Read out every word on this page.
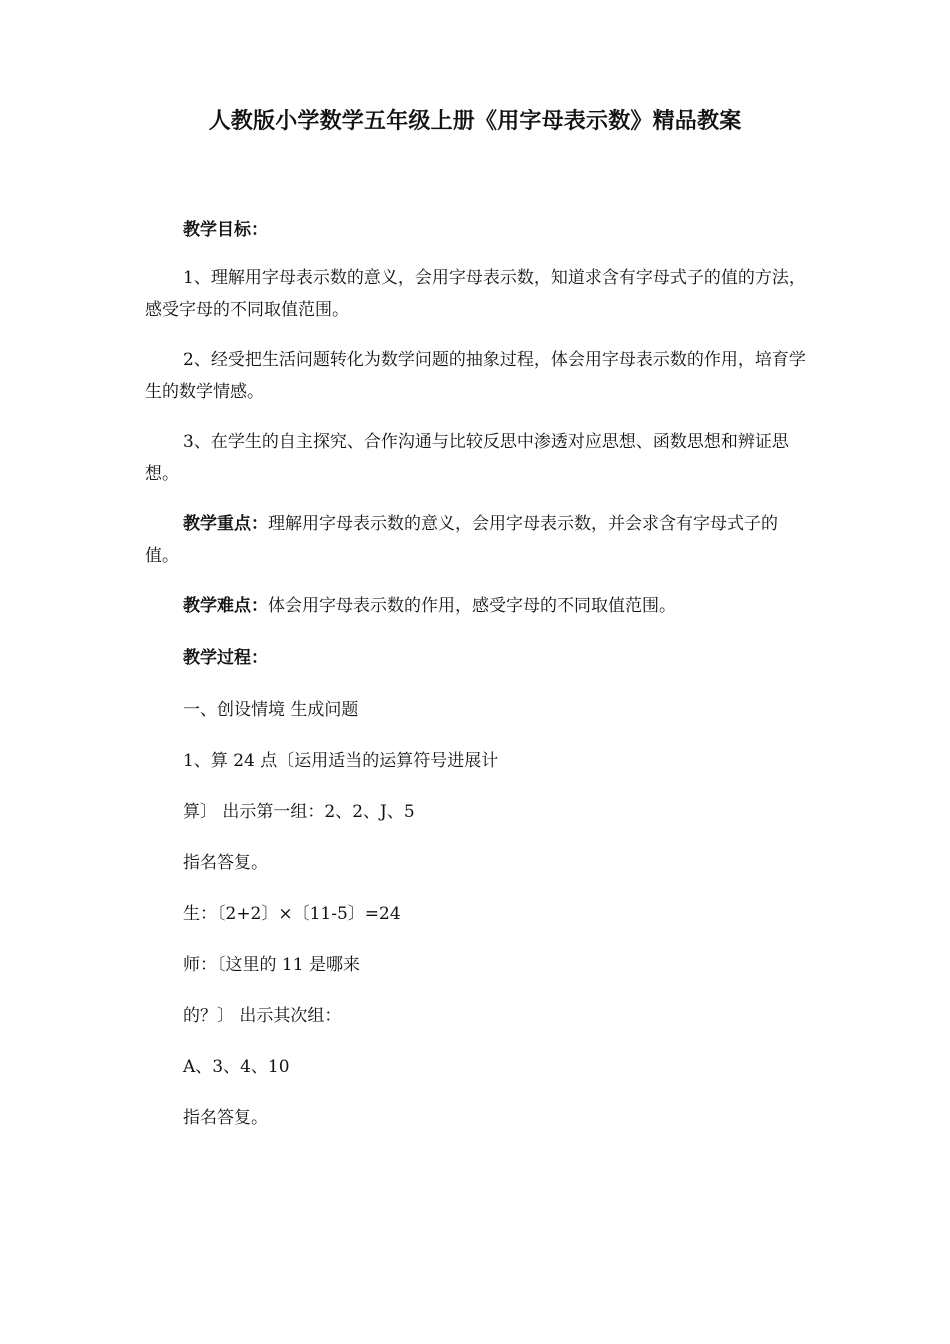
人教版小学数学五年级上册《用字母表示数》精品教案
教学目标：
1、理解用字母表示数的意义，会用字母表示数，知道求含有字母式子的值的方法，感受字母的不同取值范围。
2、经受把生活问题转化为数学问题的抽象过程，体会用字母表示数的作用，培育学生的数学情感。
3、在学生的自主探究、合作沟通与比较反思中渗透对应思想、函数思想和辨证思想。
教学重点：理解用字母表示数的意义，会用字母表示数，并会求含有字母式子的值。
教学难点：体会用字母表示数的作用，感受字母的不同取值范围。
教学过程：
一、创设情境 生成问题
1、算 24 点〔运用适当的运算符号进展计
算〕 出示第一组：2、2、J、5
指名答复。
生：〔2+2〕×〔11-5〕=24
师：〔这里的 11 是哪来
的？〕 出示其次组：
A、3、4、10
指名答复。
